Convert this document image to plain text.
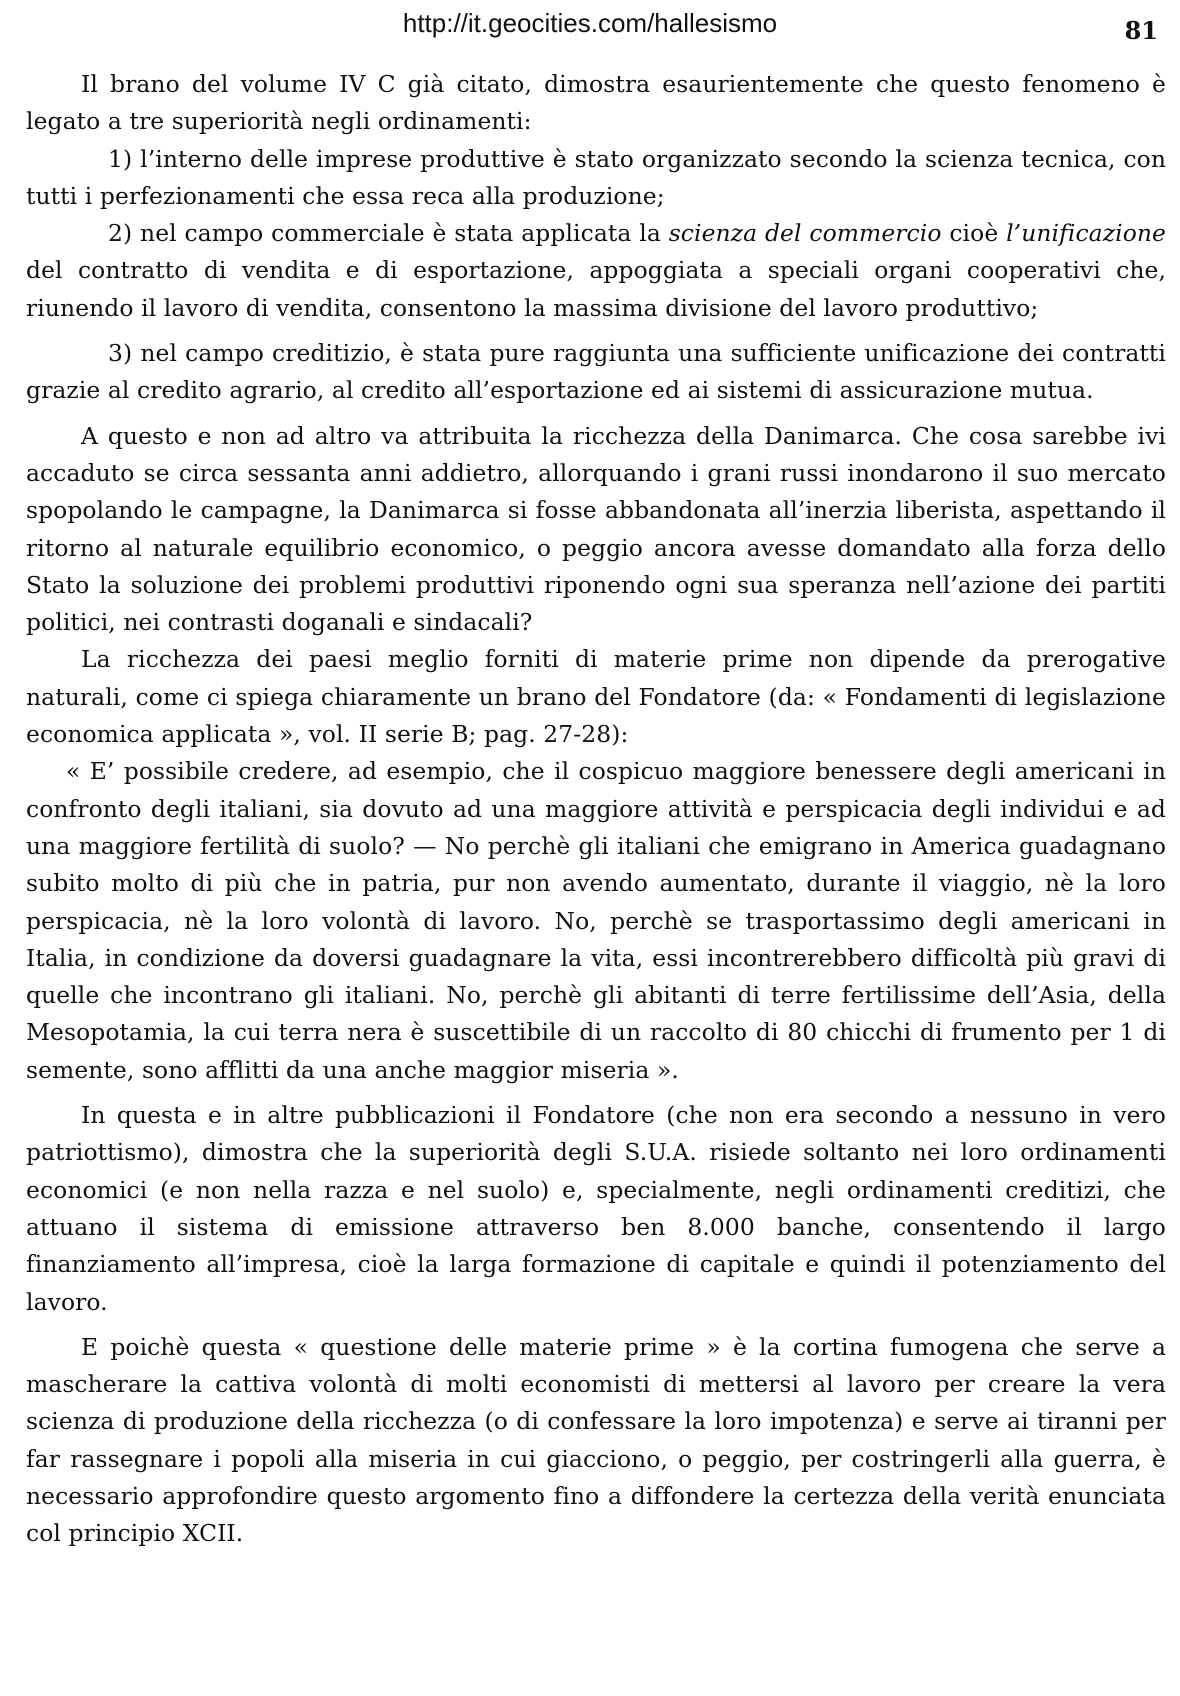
http://it.geocities.com/hallesismo	81

Il brano del volume IV C già citato, dimostra esaurientemente che questo fenomeno è legato a tre superiorità negli ordinamenti:

1) l’interno delle imprese produttive è stato organizzato secondo la scienza tecnica, con tutti i perfezionamenti che essa reca alla produzione;

2) nel campo commerciale è stata applicata la scienza del commercio cioè l’unificazione del contratto di vendita e di esportazione, appoggiata a speciali organi cooperativi che, riunendo il lavoro di vendita, consentono la massima divisione del lavoro produttivo;

3) nel campo creditizio, è stata pure raggiunta una sufficiente unificazione dei contratti grazie al credito agrario, al credito all’esportazione ed ai sistemi di assicurazione mutua.

A questo e non ad altro va attribuita la ricchezza della Danimarca. Che cosa sarebbe ivi accaduto se circa sessanta anni addietro, allorquando i grani russi inondarono il suo mercato spopolando le campagne, la Danimarca si fosse abbandonata all’inerzia liberista, aspettando il ritorno al naturale equilibrio economico, o peggio ancora avesse domandato alla forza dello Stato la soluzione dei problemi produttivi riponendo ogni sua speranza nell’azione dei partiti politici, nei contrasti doganali e sindacali?

La ricchezza dei paesi meglio forniti di materie prime non dipende da prerogative naturali, come ci spiega chiaramente un brano del Fondatore (da: « Fondamenti di legislazione economica applicata », vol. II serie B; pag. 27-28):

« E’ possibile credere, ad esempio, che il cospicuo maggiore benessere degli americani in confronto degli italiani, sia dovuto ad una maggiore attività e perspicacia degli individui e ad una maggiore fertilità di suolo? — No perchè gli italiani che emigrano in America guadagnano subito molto di più che in patria, pur non avendo aumentato, durante il viaggio, nè la loro perspicacia, nè la loro volontà di lavoro. No, perchè se trasportassimo degli americani in Italia, in condizione da doversi guadagnare la vita, essi incontrerebbero difficoltà più gravi di quelle che incontrano gli italiani. No, perchè gli abitanti di terre fertilissime dell’Asia, della Mesopotamia, la cui terra nera è suscettibile di un raccolto di 80 chicchi di frumento per 1 di semente, sono afflitti da una anche maggior miseria ».

In questa e in altre pubblicazioni il Fondatore (che non era secondo a nessuno in vero patriottismo), dimostra che la superiorità degli S.U.A. risiede soltanto nei loro ordinamenti economici (e non nella razza e nel suolo) e, specialmente, negli ordinamenti creditizi, che attuano il sistema di emissione attraverso ben 8.000 banche, consentendo il largo finanziamento all’impresa, cioè la larga formazione di capitale e quindi il potenziamento del lavoro.

E poichè questa « questione delle materie prime » è la cortina fumogena che serve a mascherare la cattiva volontà di molti economisti di mettersi al lavoro per creare la vera scienza di produzione della ricchezza (o di confessare la loro impotenza) e serve ai tiranni per far rassegnare i popoli alla miseria in cui giacciono, o peggio, per costringerli alla guerra, è necessario approfondire questo argomento fino a diffondere la certezza della verità enunciata col principio XCII.
